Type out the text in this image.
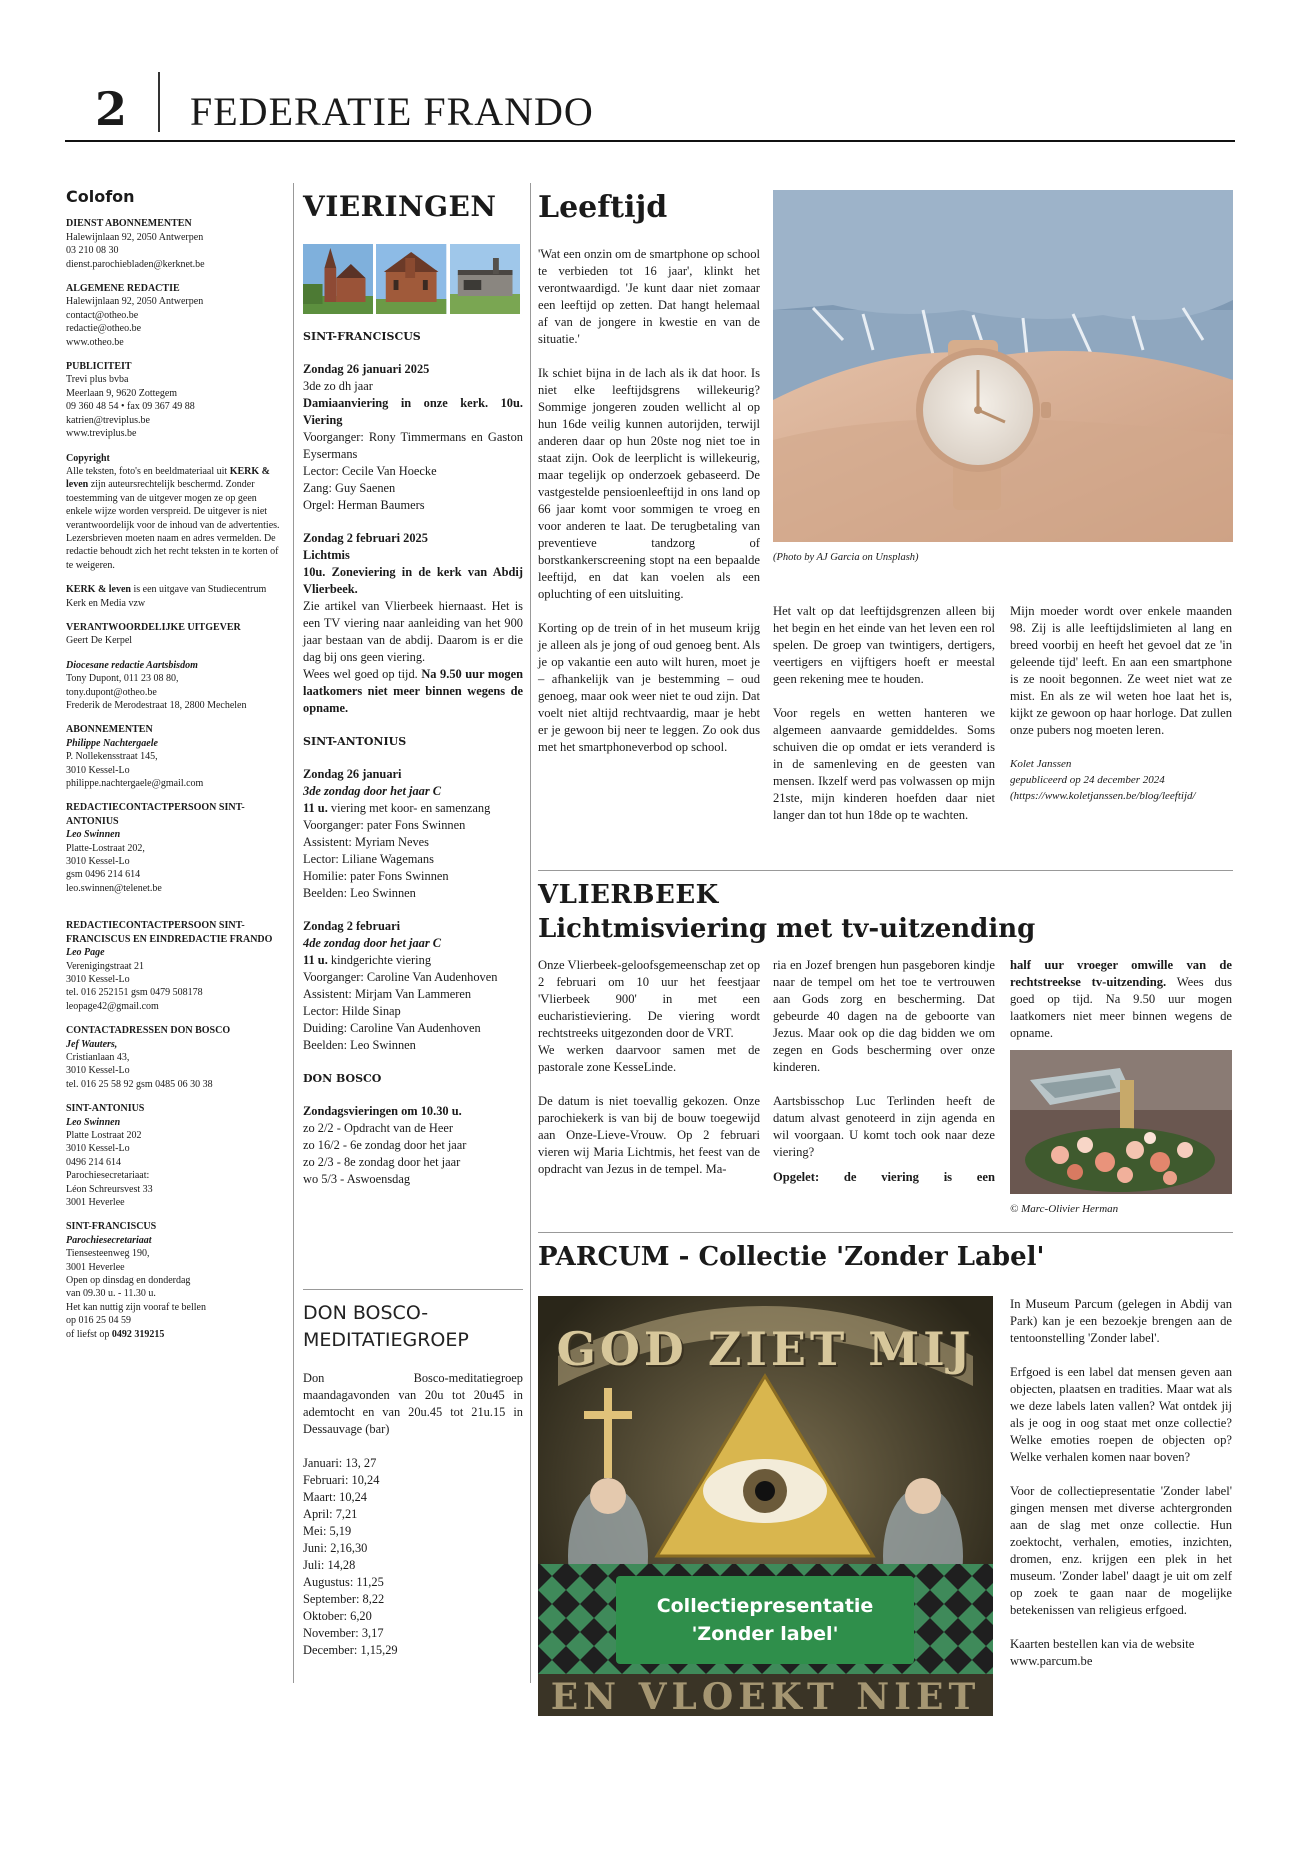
2 FEDERATIE FRANDO
Colofon
DIENST ABONNEMENTEN
Halewijnlaan 92, 2050 Antwerpen
03 210 08 30
dienst.parochiebladen@kerknet.be
ALGEMENE REDACTIE
Halewijnlaan 92, 2050 Antwerpen
contact@otheo.be
redactie@otheo.be
www.otheo.be
PUBLICITEIT
Trevi plus bvba
Meerlaan 9, 9620 Zottegem
09 360 48 54 • fax 09 367 49 88
katrien@treviplus.be
www.treviplus.be
Copyright
Alle teksten, foto's en beeldmateriaal uit KERK & leven zijn auteursrechtelijk beschermd. Zonder toestemming van de uitgever mogen ze op geen enkele wijze worden verspreid. De uitgever is niet verantwoordelijk voor de inhoud van de advertenties. Lezersbrieven moeten naam en adres vermelden. De redactie behoudt zich het recht teksten in te korten of te weigeren.
KERK & leven is een uitgave van Studiecentrum Kerk en Media vzw
VERANTWOORDELIJKE UITGEVER
Geert De Kerpel
Diocesane redactie Aartsbisdom
Tony Dupont, 011 23 08 80,
tony.dupont@otheo.be
Frederik de Merodestraat 18, 2800 Mechelen
ABONNEMENTEN
Philippe Nachtergaele
P. Nollekensstraat 145,
3010 Kessel-Lo
philippe.nachtergaele@gmail.com
REDACTIECONTACTPERSOON SINT-ANTONIUS
Leo Swinnen
Platte-Lostraat 202,
3010 Kessel-Lo
gsm 0496 214 614
leo.swinnen@telenet.be
REDACTIECONTACTPERSOON SINT-FRANCISCUS EN EINDREDACTIE FRANDO
Leo Page
Verenigingstraat 21
3010 Kessel-Lo
tel. 016 252151 gsm 0479 508178
leopage42@gmail.com
CONTACTADRESSEN DON BOSCO
Jef Wauters,
Cristianlaan 43,
3010 Kessel-Lo
tel. 016 25 58 92 gsm 0485 06 30 38
SINT-ANTONIUS
Leo Swinnen
Platte Lostraat 202
3010 Kessel-Lo
0496 214 614
Parochiesecretariaat:
Léon Schreursvest 33
3001 Heverlee
SINT-FRANCISCUS
Parochiesecretariaat
Tiensesteenweg 190,
3001 Heverlee
Open op dinsdag en donderdag
van 09.30 u. - 11.30 u.
Het kan nuttig zijn vooraf te bellen
op 016 25 04 59
of liefst op 0492 319215
VIERINGEN
SINT-FRANCISCUS

Zondag 26 januari 2025

3de zo dh jaar

Damiaanviering in onze kerk. 10u. Viering

Voorganger: Rony Timmermans en Gaston Eysermans

Lector: Cecile Van Hoecke

Zang: Guy Saenen

Orgel: Herman Baumers

Zondag 2 februari 2025

Lichtmis

10u. Zoneviering in de kerk van Abdij Vlierbeek.

Zie artikel van Vlierbeek hiernaast. Het is een TV viering naar aanleiding van het 900 jaar bestaan van de abdij. Daarom is er die dag bij ons geen viering.

Wees wel goed op tijd. Na 9.50 uur mogen laatkomers niet meer binnen wegens de opname.

SINT-ANTONIUS

Zondag 26 januari

3de zondag door het jaar C

11 u. viering met koor- en samenzang

Voorganger: pater Fons Swinnen

Assistent: Myriam Neves

Lector: Liliane Wagemans

Homilie: pater Fons Swinnen

Beelden: Leo Swinnen

Zondag 2 februari

4de zondag door het jaar C

11 u. kindgerichte viering

Voorganger: Caroline Van Audenhoven

Assistent: Mirjam Van Lammeren

Lector: Hilde Sinap

Duiding: Caroline Van Audenhoven

Beelden: Leo Swinnen

DON BOSCO

Zondagsvieringen om 10.30 u.

zo 2/2 - Opdracht van de Heer

zo 16/2 - 6e zondag door het jaar

zo 2/3 - 8e zondag door het jaar

wo 5/3 - Aswoensdag

DON BOSCO-
MEDITATIEGROEP

Don Bosco-meditatiegroep maandagavonden van 20u tot 20u45 in ademtocht en van 20u.45 tot 21u.15 in Dessauvage (bar)

Januari: 13, 27

Februari: 10,24

Maart: 10,24

April: 7,21

Mei: 5,19

Juni: 2,16,30

Juli: 14,28

Augustus: 11,25

September: 8,22

Oktober: 6,20

November: 3,17

December: 1,15,29

Leeftijd

'Wat een onzin om de smartphone op school te verbieden tot 16 jaar', klinkt het verontwaardigd. 'Je kunt daar niet zomaar een leeftijd op zetten. Dat hangt helemaal af van de jongere in kwestie en van de situatie.'

Ik schiet bijna in de lach als ik dat hoor. Is niet elke leeftijdsgrens willekeurig? Sommige jongeren zouden wellicht al op hun 16de veilig kunnen autorijden, terwijl anderen daar op hun 20ste nog niet toe in staat zijn. Ook de leerplicht is willekeurig, maar tegelijk op onderzoek gebaseerd. De vastgestelde pensioenleeftijd in ons land op 66 jaar komt voor sommigen te vroeg en voor anderen te laat. De terugbetaling van preventieve tandzorg of borstkankerscreening stopt na een bepaalde leeftijd, en dat kan voelen als een opluchting of een uitsluiting.

Korting op de trein of in het museum krijg je alleen als je jong of oud genoeg bent. Als je op vakantie een auto wilt huren, moet je – afhankelijk van je bestemming – oud genoeg, maar ook weer niet te oud zijn. Dat voelt niet altijd rechtvaardig, maar je hebt er je gewoon bij neer te leggen. Zo ook dus met het smartphoneverbod op school.

(Photo by AJ Garcia on Unsplash)

Het valt op dat leeftijdsgrenzen alleen bij het begin en het einde van het leven een rol spelen. De groep van twintigers, dertigers, veertigers en vijftigers hoeft er meestal geen rekening mee te houden.

Voor regels en wetten hanteren we algemeen aanvaarde gemiddeldes. Soms schuiven die op omdat er iets veranderd is in de samenleving en de geesten van mensen. Ikzelf werd pas volwassen op mijn 21ste, mijn kinderen hoefden daar niet langer dan tot hun 18de op te wachten.

Mijn moeder wordt over enkele maanden 98. Zij is alle leeftijdslimieten al lang en breed voorbij en heeft het gevoel dat ze 'in geleende tijd' leeft. En aan een smartphone is ze nooit begonnen. Ze weet niet wat ze mist. En als ze wil weten hoe laat het is, kijkt ze gewoon op haar horloge. Dat zullen onze pubers nog moeten leren.

Kolet Janssen
gepubliceerd op 24 december 2024 (https://www.koletjanssen.be/blog/leeftijd/

VLIERBEEK
Lichtmisviering met tv-uitzending

Onze Vlierbeek-geloofsgemeenschap zet op 2 februari om 10 uur het feestjaar 'Vlierbeek 900' in met een eucharistieviering. De viering wordt rechtstreeks uitgezonden door de VRT.

We werken daarvoor samen met de pastorale zone KesseLinde.

De datum is niet toevallig gekozen. Onze parochiekerk is van bij de bouw toegewijd aan Onze-Lieve-Vrouw. Op 2 februari vieren wij Maria Lichtmis, het feest van de opdracht van Jezus in de tempel. Ma-

ria en Jozef brengen hun pasgeboren kindje naar de tempel om het toe te vertrouwen aan Gods zorg en bescherming. Dat gebeurde 40 dagen na de geboorte van Jezus. Maar ook op die dag bidden we om zegen en Gods bescherming over onze kinderen.

Aartsbisschop Luc Terlinden heeft de datum alvast genoteerd in zijn agenda en wil voorgaan. U komt toch ook naar deze viering?

Opgelet: de viering is een

half uur vroeger omwille van de rechtstreekse tv-uitzending. Wees dus goed op tijd. Na 9.50 uur mogen laatkomers niet meer binnen wegens de opname.

© Marc-Olivier Herman
PARCUM - Collectie 'Zonder Label'
GOD ZIET MIJ
Collectiepresentatie
'Zonder label'
EN VLOEKT NIET

In Museum Parcum (gelegen in Abdij van Park) kan je een bezoekje brengen aan de tentoonstelling 'Zonder label'.

Erfgoed is een label dat mensen geven aan objecten, plaatsen en tradities. Maar wat als we deze labels laten vallen? Wat ontdek jij als je oog in oog staat met onze collectie? Welke emoties roepen de objecten op? Welke verhalen komen naar boven?

Voor de collectiepresentatie 'Zonder label' gingen mensen met diverse achtergronden aan de slag met onze collectie. Hun zoektocht, verhalen, emoties, inzichten, dromen, enz. krijgen een plek in het museum. 'Zonder label' daagt je uit om zelf op zoek te gaan naar de mogelijke betekenissen van religieus erfgoed.

Kaarten bestellen kan via de website www.parcum.be
